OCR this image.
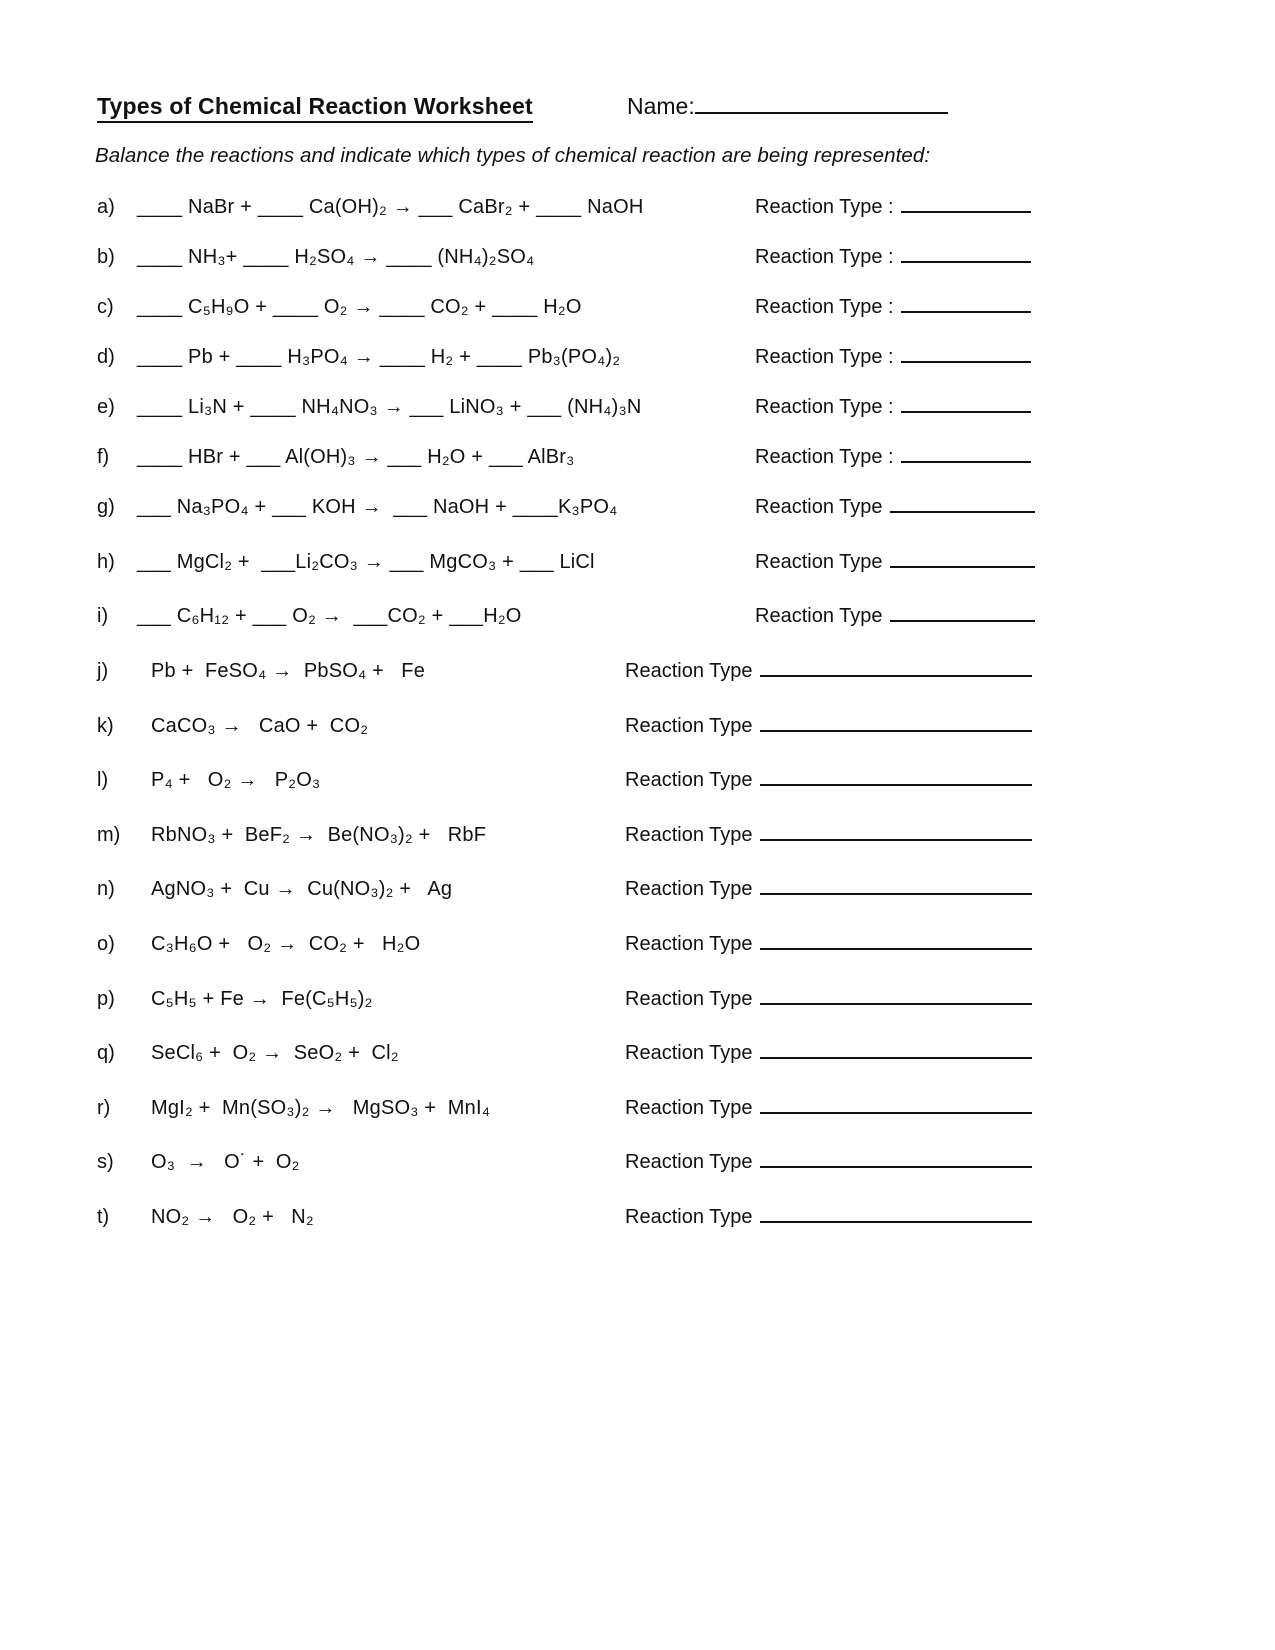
Types of Chemical Reaction Worksheet	Name:
Balance the reactions and indicate which types of chemical reaction are being represented:
a) ____ NaBr + ____ Ca(OH)₂ → ___ CaBr₂ + ____ NaOH	Reaction Type :
b) ____ NH₃+ ____ H₂SO₄ → ____ (NH₄)₂SO₄	Reaction Type :
c) ____ C₅H₉O + ____ O₂ → ____ CO₂ + ____ H₂O	Reaction Type :
d) ____ Pb + ____ H₃PO₄ → ____ H₂ + ____ Pb₃(PO₄)₂	Reaction Type :
e) ____ Li₃N + ____ NH₄NO₃ → ___ LiNO₃ + ___ (NH₄)₃N	Reaction Type :
f) ____ HBr + ___ Al(OH)₃ → ___ H₂O + ___ AlBr₃	Reaction Type :
g) ___ Na₃PO₄ + ___ KOH →  ___ NaOH + ____K₃PO₄	Reaction Type
h) ___ MgCl₂ +  ___Li₂CO₃ → ___ MgCO₃ + ___ LiCl	Reaction Type
i) ___ C₆H₁₂ + ___ O₂ →  ___CO₂ + ___H₂O	Reaction Type
j) Pb +  FeSO₄ →  PbSO₄ +   Fe	Reaction Type
k) CaCO₃ →   CaO +  CO₂	Reaction Type
l) P₄ +   O₂ →   P₂O₃	Reaction Type
m) RbNO₃ +  BeF₂ →  Be(NO₃)₂ +   RbF	Reaction Type
n) AgNO₃ +  Cu →  Cu(NO₃)₂ +   Ag	Reaction Type
o) C₃H₆O +   O₂ →  CO₂ +   H₂O	Reaction Type
p) C₅H₅ + Fe →  Fe(C₅H₅)₂	Reaction Type
q) SeCl₆ +  O₂ →  SeO₂ +  Cl₂	Reaction Type
r) MgI₂ +  Mn(SO₃)₂ →   MgSO₃ +  MnI₄	Reaction Type
s) O₃  →   O˙ +  O₂	Reaction Type
t) NO₂ →   O₂ +   N₂	Reaction Type
